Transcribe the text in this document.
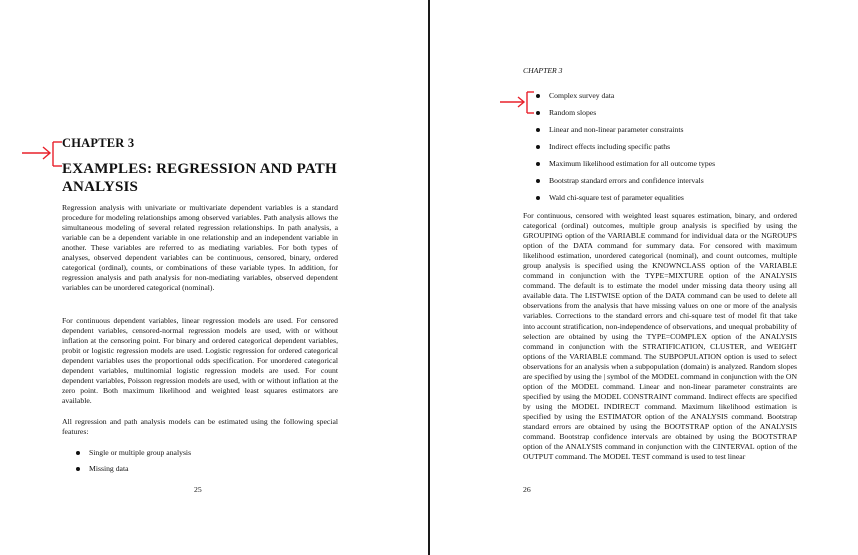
CHAPTER 3
EXAMPLES: REGRESSION AND PATH
ANALYSIS

Regression analysis with univariate or multivariate dependent variables is a standard procedure for modeling relationships among observed variables. Path analysis allows the simultaneous modeling of several related regression relationships. In path analysis, a variable can be a dependent variable in one relationship and an independent variable in another. These variables are referred to as mediating variables. For both types of analyses, observed dependent variables can be continuous, censored, binary, ordered categorical (ordinal), counts, or combinations of these variable types. In addition, for regression analysis and path analysis for non-mediating variables, observed dependent variables can be unordered categorical (nominal).

For continuous dependent variables, linear regression models are used. For censored dependent variables, censored-normal regression models are used, with or without inflation at the censoring point. For binary and ordered categorical dependent variables, probit or logistic regression models are used. Logistic regression for ordered categorical dependent variables uses the proportional odds specification. For unordered categorical dependent variables, multinomial logistic regression models are used. For count dependent variables, Poisson regression models are used, with or without inflation at the zero point. Both maximum likelihood and weighted least squares estimators are available.

All regression and path analysis models can be estimated using the following special features:

Single or multiple group analysis
Missing data
25
CHAPTER 3
Complex survey data
Random slopes
Linear and non-linear parameter constraints
Indirect effects including specific paths
Maximum likelihood estimation for all outcome types
Bootstrap standard errors and confidence intervals
Wald chi-square test of parameter equalities

For continuous, censored with weighted least squares estimation, binary, and ordered categorical (ordinal) outcomes, multiple group analysis is specified by using the GROUPING option of the VARIABLE command for individual data or the NGROUPS option of the DATA command for summary data. For censored with maximum likelihood estimation, unordered categorical (nominal), and count outcomes, multiple group analysis is specified using the KNOWNCLASS option of the VARIABLE command in conjunction with the TYPE=MIXTURE option of the ANALYSIS command. The default is to estimate the model under missing data theory using all available data. The LISTWISE option of the DATA command can be used to delete all observations from the analysis that have missing values on one or more of the analysis variables. Corrections to the standard errors and chi-square test of model fit that take into account stratification, non-independence of observations, and unequal probability of selection are obtained by using the TYPE=COMPLEX option of the ANALYSIS command in conjunction with the STRATIFICATION, CLUSTER, and WEIGHT options of the VARIABLE command. The SUBPOPULATION option is used to select observations for an analysis when a subpopulation (domain) is analyzed. Random slopes are specified by using the | symbol of the MODEL command in conjunction with the ON option of the MODEL command. Linear and non-linear parameter constraints are specified by using the MODEL CONSTRAINT command. Indirect effects are specified by using the MODEL INDIRECT command. Maximum likelihood estimation is specified by using the ESTIMATOR option of the ANALYSIS command. Bootstrap standard errors are obtained by using the BOOTSTRAP option of the ANALYSIS command. Bootstrap confidence intervals are obtained by using the BOOTSTRAP option of the ANALYSIS command in conjunction with the CINTERVAL option of the OUTPUT command. The MODEL TEST command is used to test linear

26
